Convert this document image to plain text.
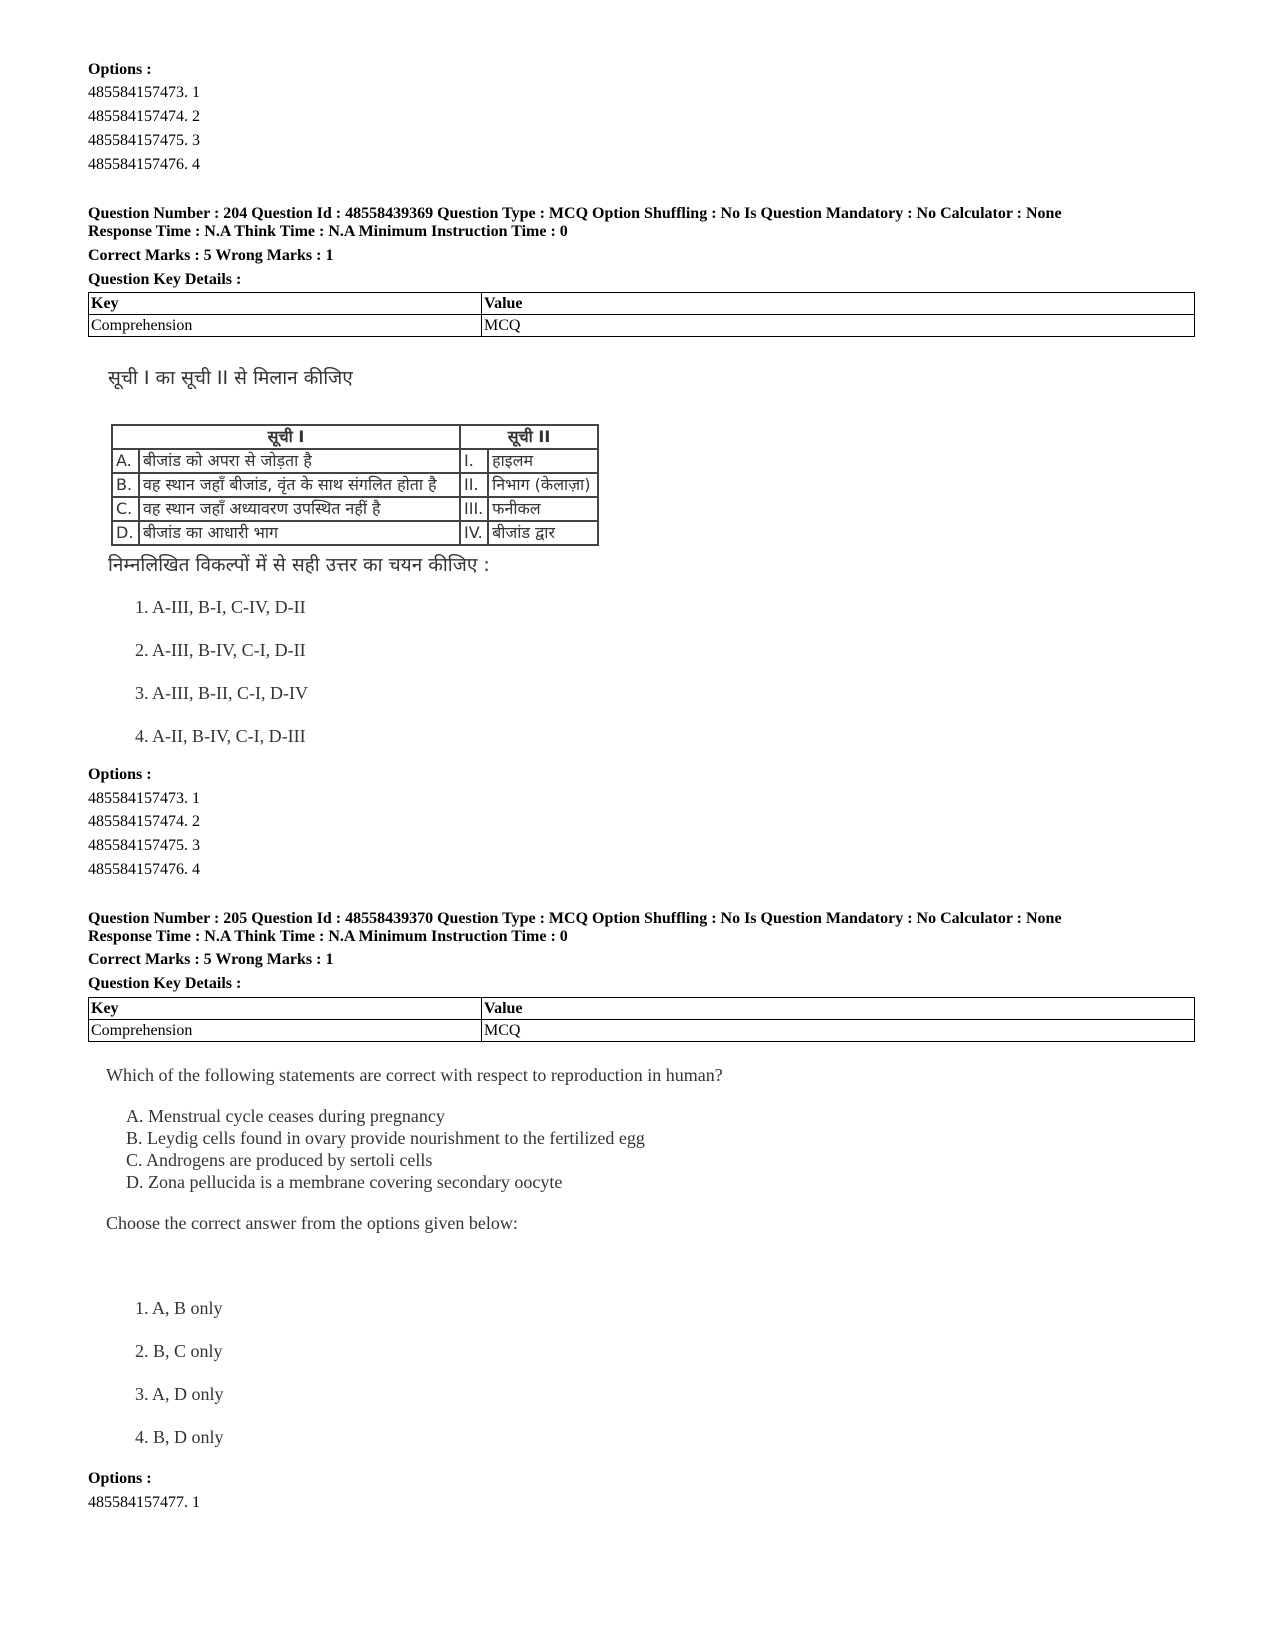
Options :
485584157473. 1
485584157474. 2
485584157475. 3
485584157476. 4
Question Number : 204 Question Id : 48558439369 Question Type : MCQ Option Shuffling : No Is Question Mandatory : No Calculator : None
Response Time : N.A Think Time : N.A Minimum Instruction Time : 0
Correct Marks : 5 Wrong Marks : 1
Question Key Details :
Key	Value
Comprehension	MCQ
सूची I का सूची II से मिलान कीजिए
सूची I		सूची II	
A.	बीजांड को अपरा से जोड़ता है	I.	हाइलम
B.	वह स्थान जहाँ बीजांड, वृंत के साथ संगलित होता है	II.	निभाग (केलाज़ा)
C.	वह स्थान जहाँ अध्यावरण उपस्थित नहीं है	III.	फनीकल
D.	बीजांड का आधारी भाग	IV.	बीजांड द्वार
निम्नलिखित विकल्पों में से सही उत्तर का चयन कीजिए :
1. A-III, B-I, C-IV, D-II
2. A-III, B-IV, C-I, D-II
3. A-III, B-II, C-I, D-IV
4. A-II, B-IV, C-I, D-III
Options :
485584157473. 1
485584157474. 2
485584157475. 3
485584157476. 4
Question Number : 205 Question Id : 48558439370 Question Type : MCQ Option Shuffling : No Is Question Mandatory : No Calculator : None
Response Time : N.A Think Time : N.A Minimum Instruction Time : 0
Correct Marks : 5 Wrong Marks : 1
Question Key Details :
Key	Value
Comprehension	MCQ
Which of the following statements are correct with respect to reproduction in human?
A. Menstrual cycle ceases during pregnancy
B. Leydig cells found in ovary provide nourishment to the fertilized egg
C. Androgens are produced by sertoli cells
D. Zona pellucida is a membrane covering secondary oocyte
Choose the correct answer from the options given below:
1. A, B only
2. B, C only
3. A, D only
4. B, D only
Options :
485584157477. 1
